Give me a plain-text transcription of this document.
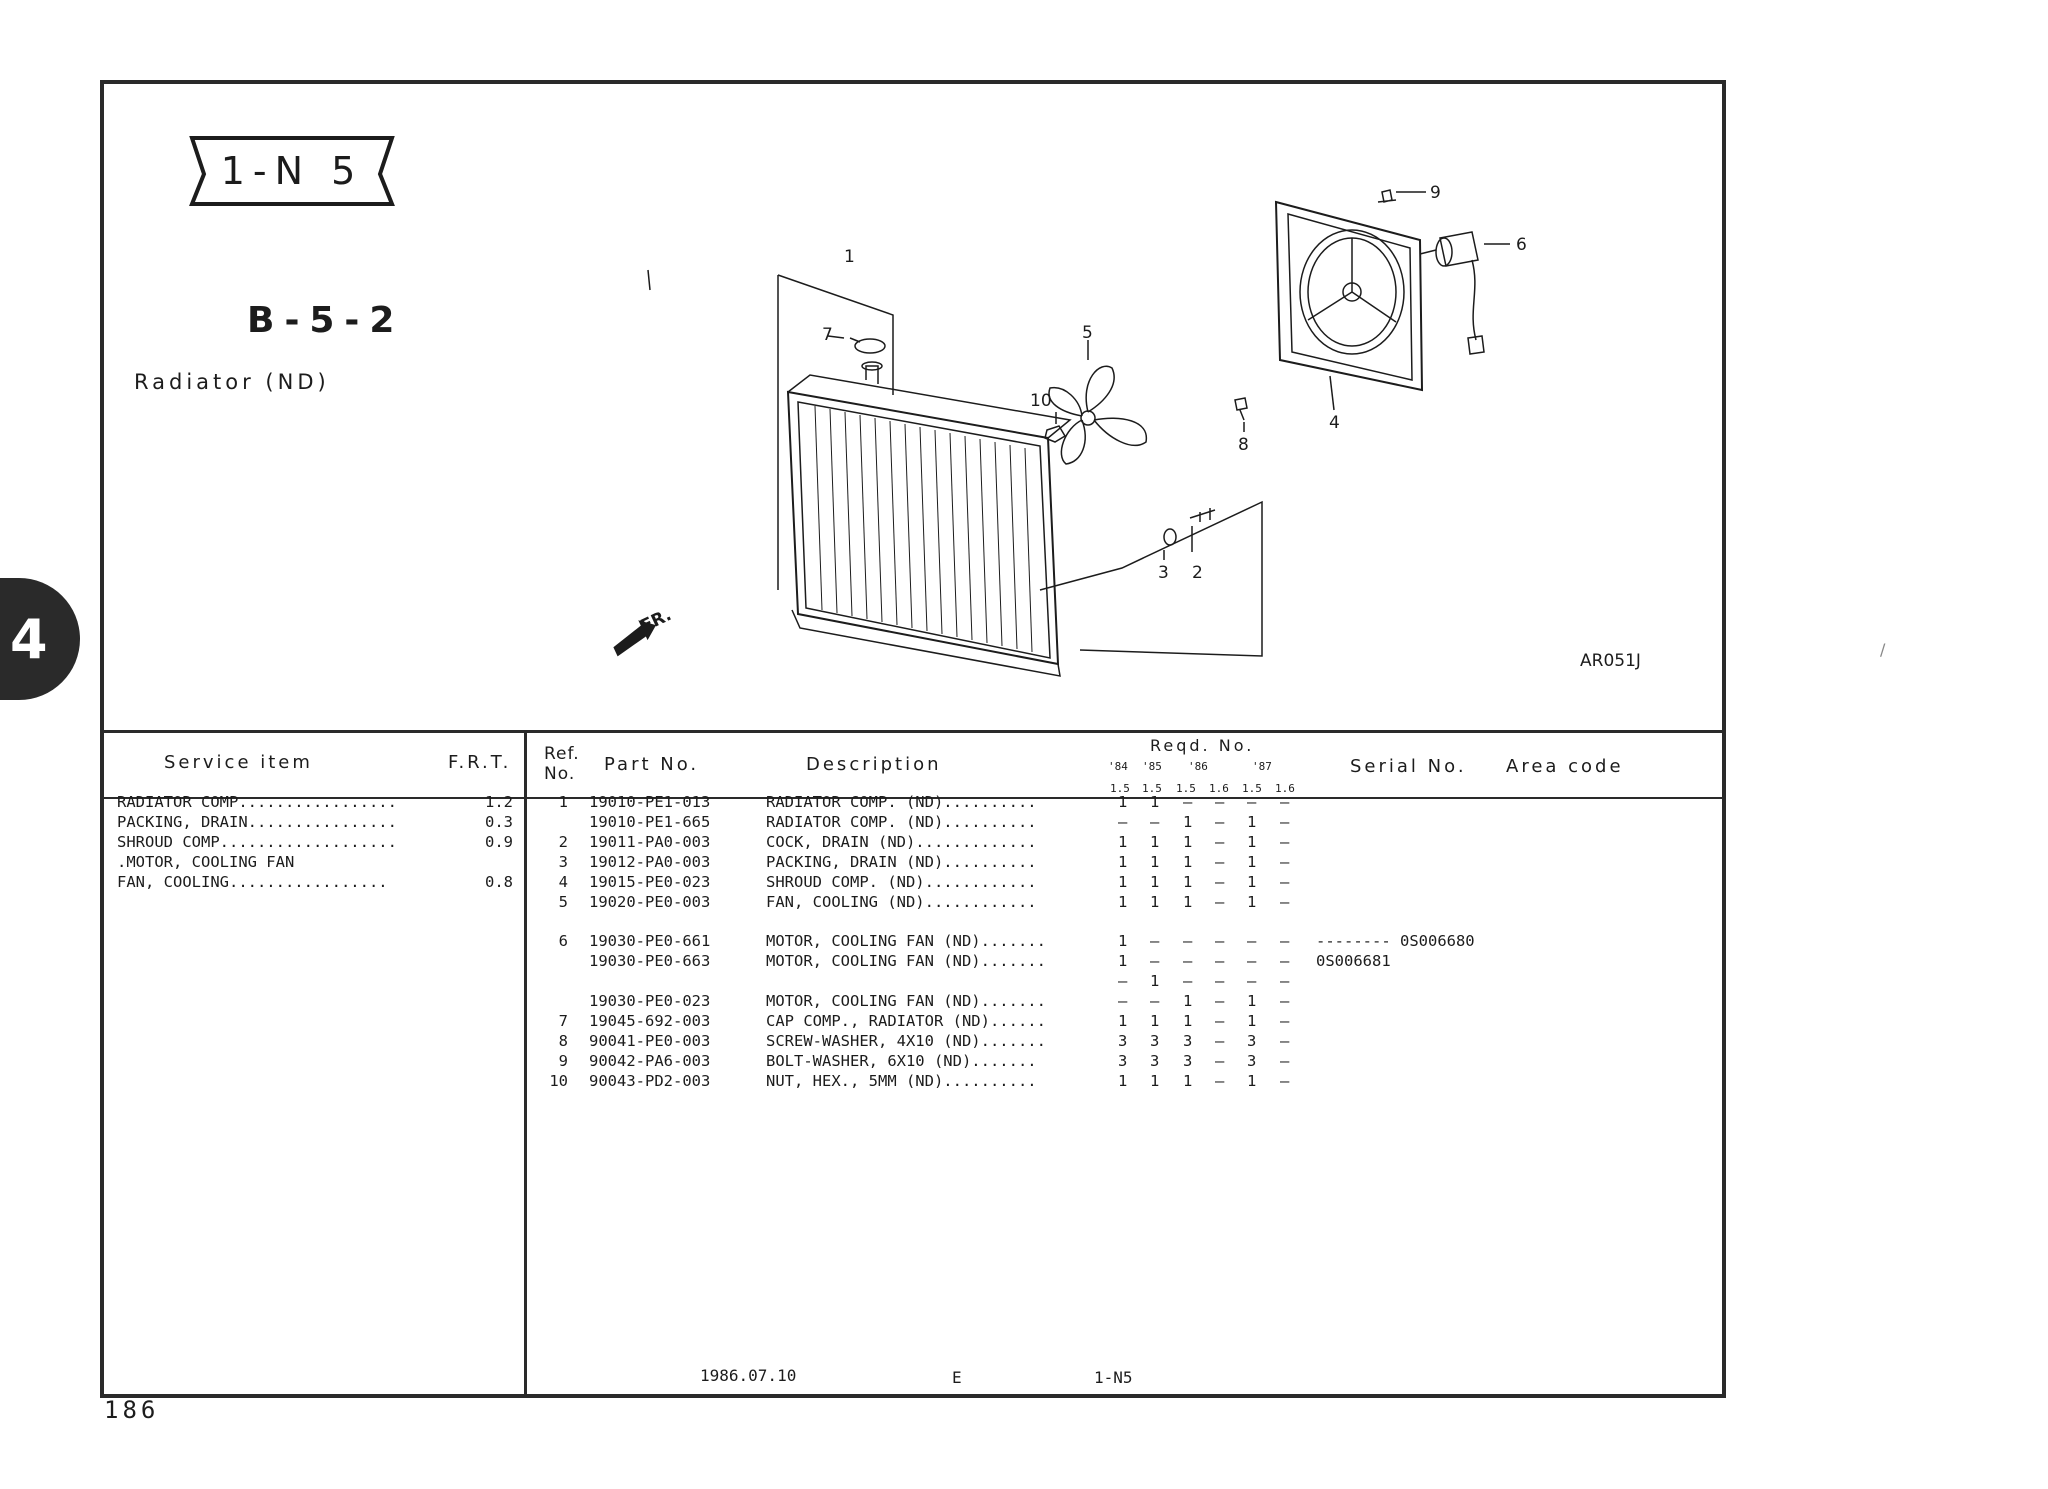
4
1-N 5
B-5-2
Radiator (ND)
1
2
3
4
5
6
7
8
9
10
FR.
AR051J
Service item	F.R.T. Ref. No.	Part No.	Description
Reqd. No.
'84 '85 '86	'87
1.5 1.5 1.5 1.6 1.5 1.6
Serial No. Area code
RADIATOR COMP.................	1.2
PACKING, DRAIN................	0.3
SHROUD COMP...................	0.9
.MOTOR, COOLING FAN
FAN, COOLING.................	0.8
1 19010-PE1-013	RADIATOR COMP. (ND)..........	1 1 – – – –
19010-PE1-665	RADIATOR COMP. (ND)..........	– – 1 – 1 –
2 19011-PA0-003	COCK, DRAIN (ND).............	1 1 1 – 1 –
3 19012-PA0-003	PACKING, DRAIN (ND)..........	1 1 1 – 1 –
4 19015-PE0-023	SHROUD COMP. (ND)............	1 1 1 – 1 –
5 19020-PE0-003	FAN, COOLING (ND)............	1 1 1 – 1 –
6 19030-PE0-661	MOTOR, COOLING FAN (ND).......	1 – – – – – -------- 0S006680
19030-PE0-663	MOTOR, COOLING FAN (ND).......	1 – – – – – 0S006681
– 1 – – – –
19030-PE0-023	MOTOR, COOLING FAN (ND).......	– – 1 – 1 –
7 19045-692-003	CAP COMP., RADIATOR (ND)......	1 1 1 – 1 –
8 90041-PE0-003	SCREW-WASHER, 4X10 (ND).......	3 3 3 – 3 –
9 90042-PA6-003	BOLT-WASHER, 6X10 (ND).......	3 3 3 – 3 –
10 90043-PD2-003	NUT, HEX., 5MM (ND)..........	1 1 1 – 1 –
1986.07.10	E	1-N5
186
/
